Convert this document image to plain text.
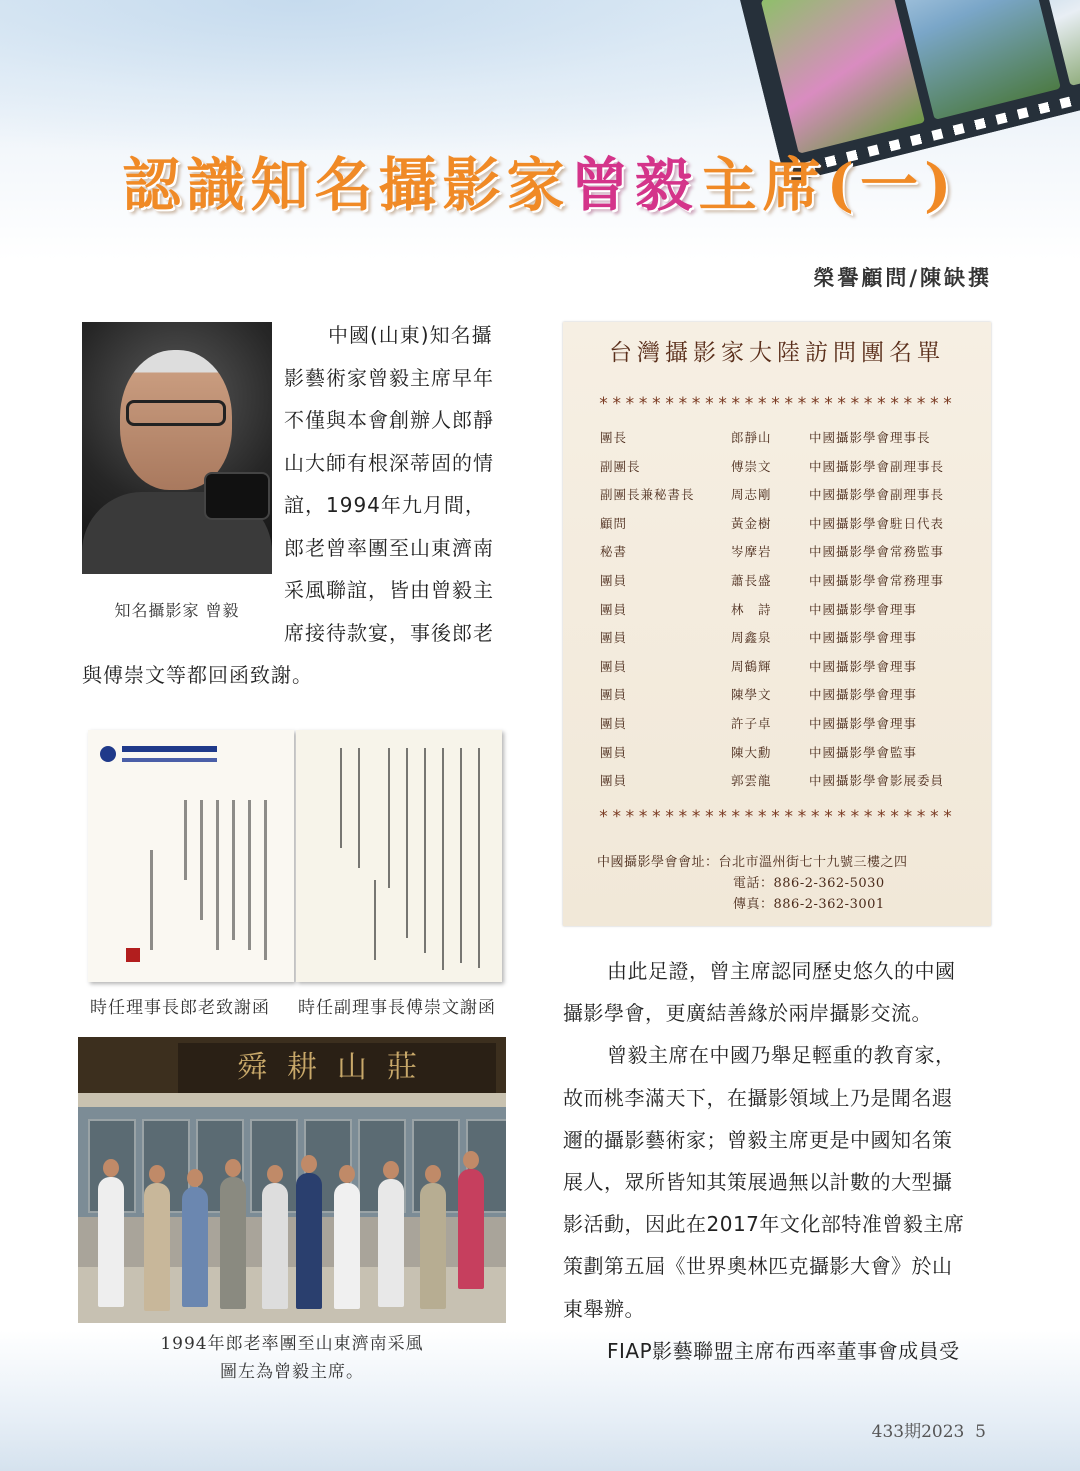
認識知名攝影家曾毅主席(一)
榮譽顧問/陳缺撰
知名攝影家 曾毅
中國(山東)知名攝
影藝術家曾毅主席早年
不僅與本會創辦人郎靜
山大師有根深蒂固的情
誼，1994年九月間，
郎老曾率團至山東濟南
采風聯誼，皆由曾毅主
席接待款宴，事後郎老
與傅崇文等都回函致謝。
時任理事長郎老致謝函 時任副理事長傅崇文謝函
舜耕山莊
1994年郎老率團至山東濟南采風
圖左為曾毅主席。
台灣攝影家大陸訪問團名單
***************************
團長	郎靜山	中國攝影學會理事長
副團長	傅崇文	中國攝影學會副理事長
副團長兼秘書長	周志剛	中國攝影學會副理事長
顧問	黃金樹	中國攝影學會駐日代表
秘書	岑摩岩	中國攝影學會常務監事
團員	蕭長盛	中國攝影學會常務理事
團員	林　詩	中國攝影學會理事
團員	周鑫泉	中國攝影學會理事
團員	周鶴輝	中國攝影學會理事
團員	陳學文	中國攝影學會理事
團員	許子卓	中國攝影學會理事
團員	陳大勳	中國攝影學會監事
團員	郭雲龍	中國攝影學會影展委員
***************************
中國攝影學會會址：台北市溫州街七十九號三樓之四
電話：886-2-362-5030
傳真：886-2-362-3001
由此足證，曾主席認同歷史悠久的中國
攝影學會，更廣結善緣於兩岸攝影交流。
曾毅主席在中國乃舉足輕重的教育家，
故而桃李滿天下，在攝影領域上乃是聞名遐
邇的攝影藝術家；曾毅主席更是中國知名策
展人，眾所皆知其策展過無以計數的大型攝
影活動，因此在2017年文化部特准曾毅主席
策劃第五屆《世界奧林匹克攝影大會》於山
東舉辦。
FIAP影藝聯盟主席布西率董事會成員受
433期2023 5
